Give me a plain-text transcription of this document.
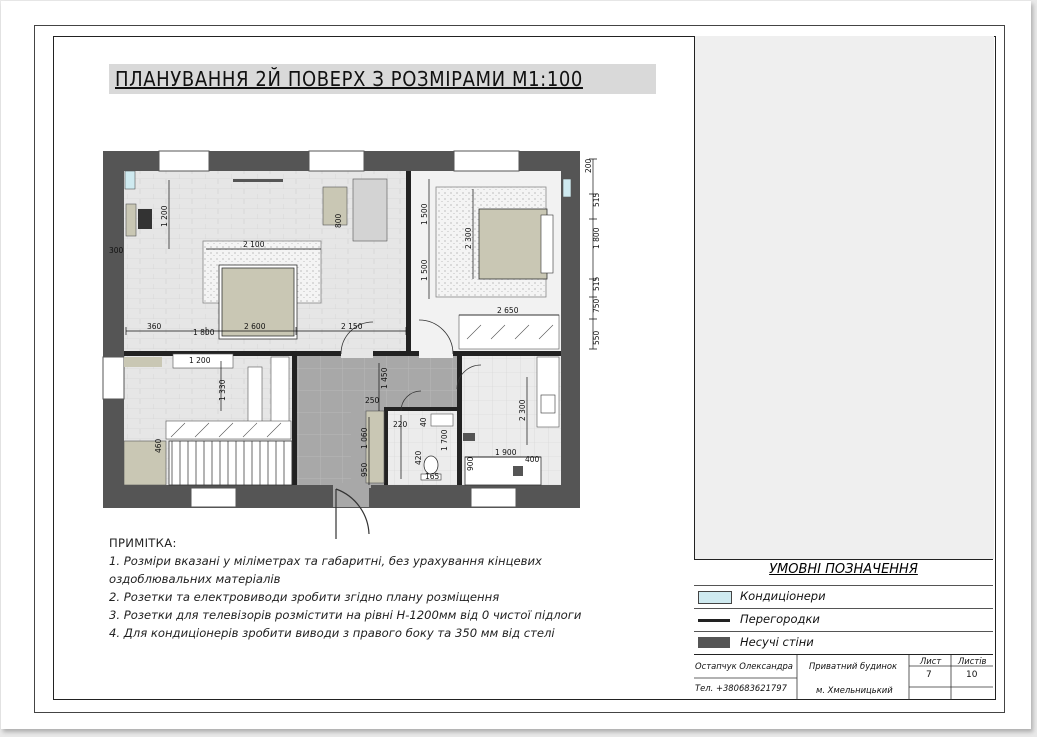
ПЛАНУВАННЯ 2Й ПОВЕРХ З РОЗМІРАМИ М1:100
2 100
2 600	2 150
2 650
1 200	1 500
1 500
1 800
200
515
515
750
550
2 300
2 300
1 450
1 330
1 060
950
800
300
460	1 900
400
250
220
900
1 200
360
40
1 700
165
420
1 800
ПРИМІТКА:
1. Розміри вказані у міліметрах та габаритні, без урахування кінцевих
оздоблювальних матеріалів
2. Розетки та електровиводи зробити згідно плану розміщення
3. Розетки для телевізорів розмістити на рівні Н-1200мм від 0 чистої підлоги
4. Для кондиціонерів зробити виводи з правого боку та 350 мм від стелі
УМОВНІ ПОЗНАЧЕННЯ
Кондиціонери
Перегородки
Несучі стіни
Остапчук Олександра
Тел. +380683621797
Приватний будинок
м. Хмельницький
Лист Листів
7	10
